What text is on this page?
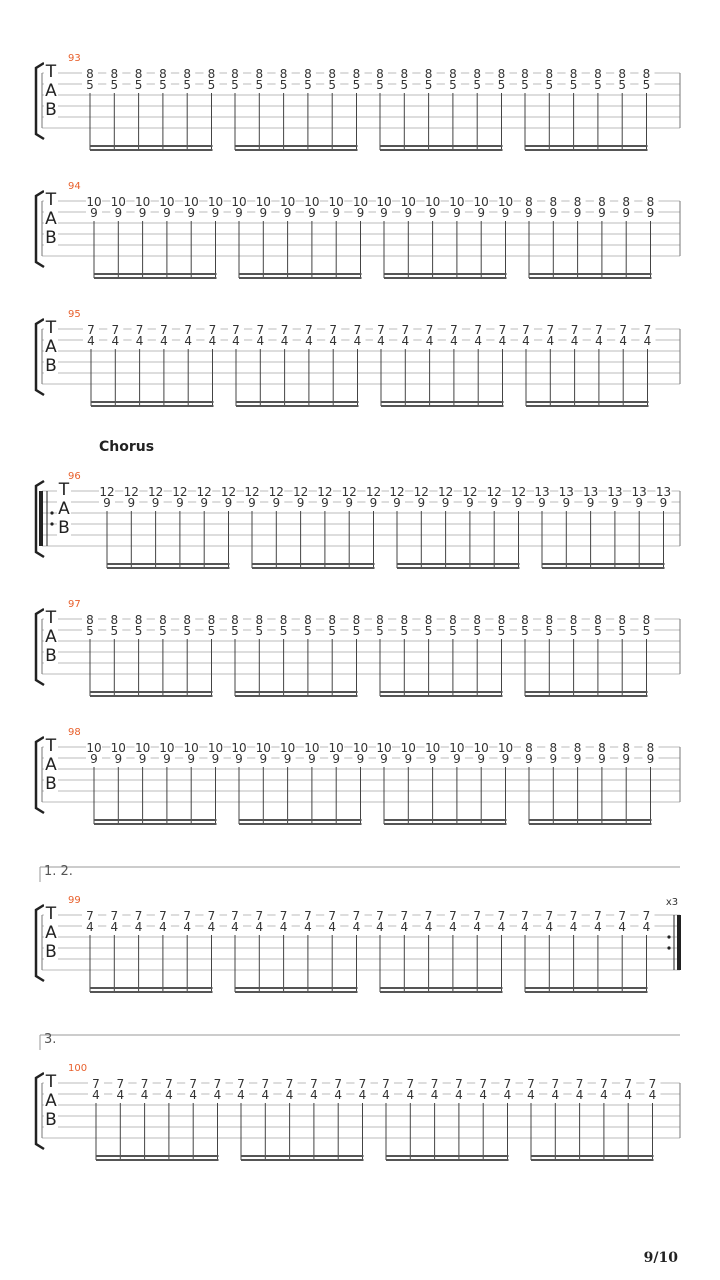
9/10
T
A
B
93
8
5
8
5
8
5
8
5
8
5
8
5
8
5
8
5
8
5
8
5
8
5
8
5
8
5
8
5
8
5
8
5
8
5
8
5
8
5
8
5
8
5
8
5
8
5
8
5
T
A
B
94
10
9
10
9
10
9
10
9
10
9
10
9
10
9
10
9
10
9
10
9
10
9
10
9
10
9
10
9
10
9
10
9
10
9
10
9
8
9
8
9
8
9
8
9
8
9
8
9
T
A
B
95
7
4
7
4
7
4
7
4
7
4
7
4
7
4
7
4
7
4
7
4
7
4
7
4
7
4
7
4
7
4
7
4
7
4
7
4
7
4
7
4
7
4
7
4
7
4
7
4
Chorus
T
A
B
96
12
9
12
9
12
9
12
9
12
9
12
9
12
9
12
9
12
9
12
9
12
9
12
9
12
9
12
9
12
9
12
9
12
9
12
9
13
9
13
9
13
9
13
9
13
9
13
9
T
A
B
97
8
5
8
5
8
5
8
5
8
5
8
5
8
5
8
5
8
5
8
5
8
5
8
5
8
5
8
5
8
5
8
5
8
5
8
5
8
5
8
5
8
5
8
5
8
5
8
5
T
A
B
98
10
9
10
9
10
9
10
9
10
9
10
9
10
9
10
9
10
9
10
9
10
9
10
9
10
9
10
9
10
9
10
9
10
9
10
9
8
9
8
9
8
9
8
9
8
9
8
9
1. 2.
x3
T
A
B
99
7
4
7
4
7
4
7
4
7
4
7
4
7
4
7
4
7
4
7
4
7
4
7
4
7
4
7
4
7
4
7
4
7
4
7
4
7
4
7
4
7
4
7
4
7
4
7
4
3.
T
A
B
100
7
4
7
4
7
4
7
4
7
4
7
4
7
4
7
4
7
4
7
4
7
4
7
4
7
4
7
4
7
4
7
4
7
4
7
4
7
4
7
4
7
4
7
4
7
4
7
4
